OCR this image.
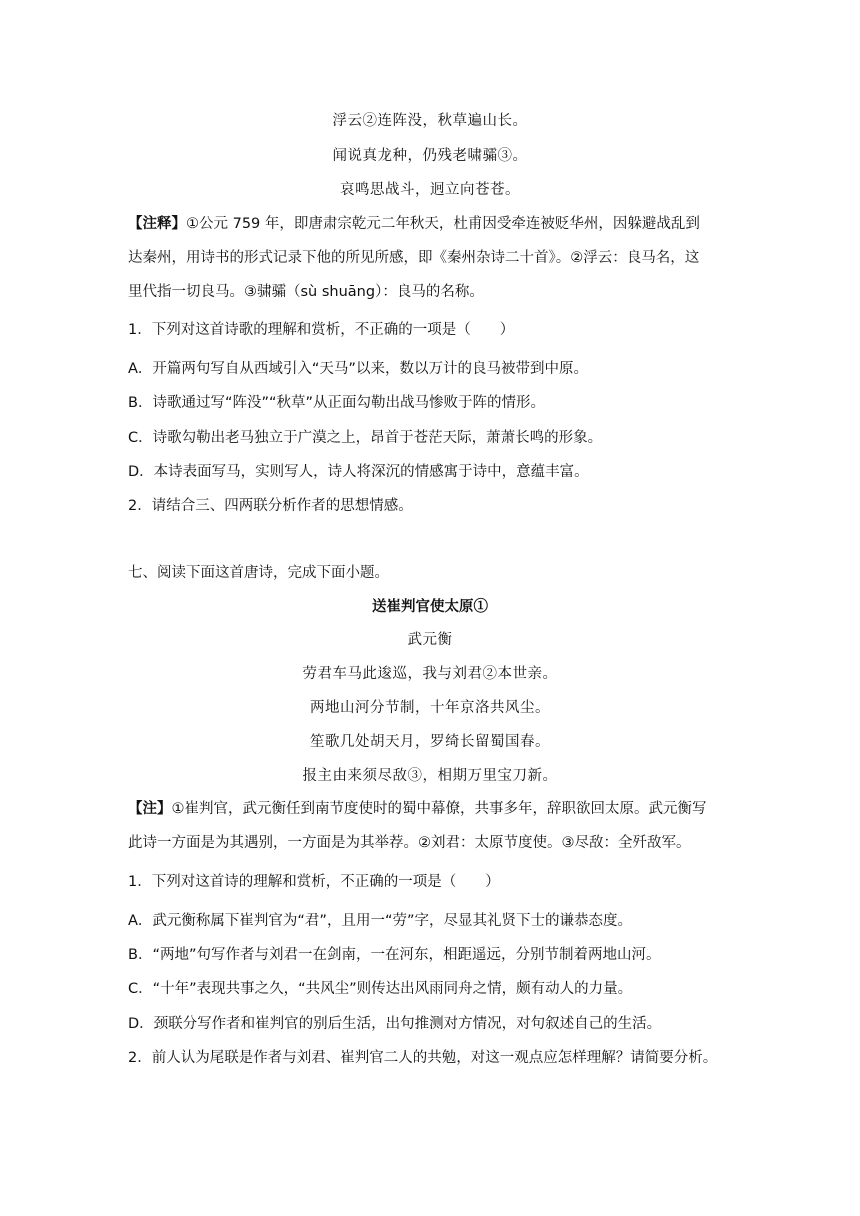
浮云②连阵没，秋草遍山长。
闻说真龙种，仍残老啸骦③。
哀鸣思战斗，迥立向苍苍。
【注释】①公元 759 年，即唐肃宗乾元二年秋天，杜甫因受牵连被贬华州，因躲避战乱到
达秦州，用诗书的形式记录下他的所见所感，即《秦州杂诗二十首》。②浮云：良马名，这
里代指一切良马。③骕骦（sù shuāng）：良马的名称。
1．下列对这首诗歌的理解和赏析，不正确的一项是（　　）
A．开篇两句写自从西域引入“天马”以来，数以万计的良马被带到中原。
B．诗歌通过写“阵没”“秋草”从正面勾勒出战马惨败于阵的情形。
C．诗歌勾勒出老马独立于广漠之上，昂首于苍茫天际，萧萧长鸣的形象。
D．本诗表面写马，实则写人，诗人将深沉的情感寓于诗中，意蕴丰富。
2．请结合三、四两联分析作者的思想情感。
七、阅读下面这首唐诗，完成下面小题。
送崔判官使太原①
武元衡
劳君车马此逡巡，我与刘君②本世亲。
两地山河分节制，十年京洛共风尘。
笙歌几处胡天月，罗绮长留蜀国春。
报主由来须尽敌③，相期万里宝刀新。
【注】①崔判官，武元衡任到南节度使时的蜀中幕僚，共事多年，辞职欲回太原。武元衡写
此诗一方面是为其遇别，一方面是为其举荐。②刘君：太原节度使。③尽敌：全歼敌军。
1．下列对这首诗的理解和赏析，不正确的一项是（　　）
A．武元衡称属下崔判官为“君”，且用一“劳”字，尽显其礼贤下士的谦恭态度。
B．“两地”句写作者与刘君一在剑南，一在河东，相距遥远，分别节制着两地山河。
C．“十年”表现共事之久，“共风尘”则传达出风雨同舟之情，颇有动人的力量。
D．颈联分写作者和崔判官的别后生活，出句推测对方情况，对句叙述自己的生活。
2．前人认为尾联是作者与刘君、崔判官二人的共勉，对这一观点应怎样理解？请简要分析。
